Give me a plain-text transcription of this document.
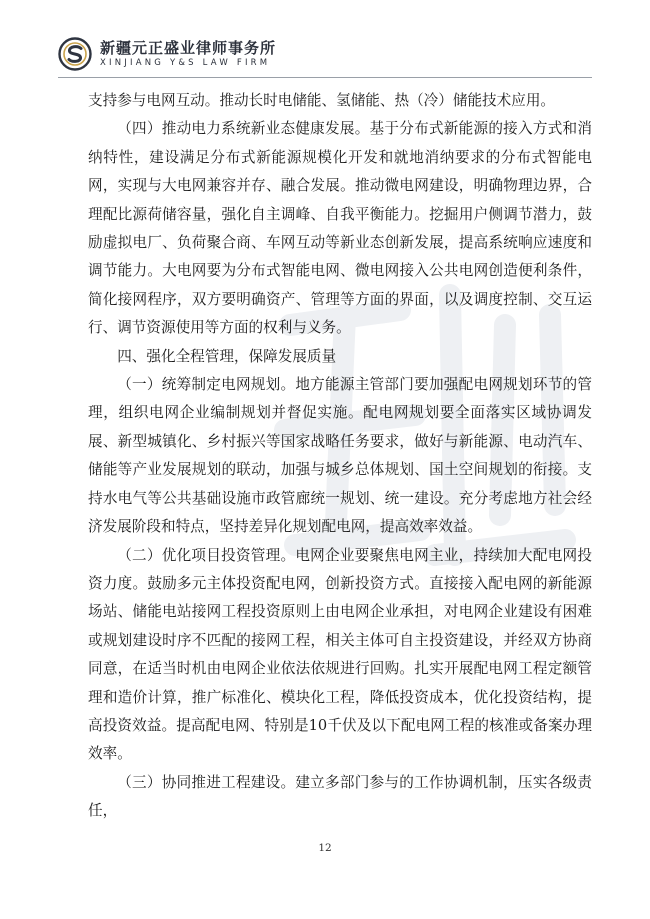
新疆元正盛业律师事务所
XINJIANG Y&S LAW FIRM

支持参与电网互动。推动长时电储能、氢储能、热（冷）储能技术应用。

（四）推动电力系统新业态健康发展。基于分布式新能源的接入方式和消纳特性，建设满足分布式新能源规模化开发和就地消纳要求的分布式智能电网，实现与大电网兼容并存、融合发展。推动微电网建设，明确物理边界，合理配比源荷储容量，强化自主调峰、自我平衡能力。挖掘用户侧调节潜力，鼓励虚拟电厂、负荷聚合商、车网互动等新业态创新发展，提高系统响应速度和调节能力。大电网要为分布式智能电网、微电网接入公共电网创造便利条件，简化接网程序，双方要明确资产、管理等方面的界面，以及调度控制、交互运行、调节资源使用等方面的权利与义务。

四、强化全程管理，保障发展质量

（一）统筹制定电网规划。地方能源主管部门要加强配电网规划环节的管理，组织电网企业编制规划并督促实施。配电网规划要全面落实区域协调发展、新型城镇化、乡村振兴等国家战略任务要求，做好与新能源、电动汽车、储能等产业发展规划的联动，加强与城乡总体规划、国土空间规划的衔接。支持水电气等公共基础设施市政管廊统一规划、统一建设。充分考虑地方社会经济发展阶段和特点，坚持差异化规划配电网，提高效率效益。

（二）优化项目投资管理。电网企业要聚焦电网主业，持续加大配电网投资力度。鼓励多元主体投资配电网，创新投资方式。直接接入配电网的新能源场站、储能电站接网工程投资原则上由电网企业承担，对电网企业建设有困难或规划建设时序不匹配的接网工程，相关主体可自主投资建设，并经双方协商同意，在适当时机由电网企业依法依规进行回购。扎实开展配电网工程定额管理和造价计算，推广标准化、模块化工程，降低投资成本，优化投资结构，提高投资效益。提高配电网、特别是10千伏及以下配电网工程的核准或备案办理效率。

（三）协同推进工程建设。建立多部门参与的工作协调机制，压实各级责任，

12
